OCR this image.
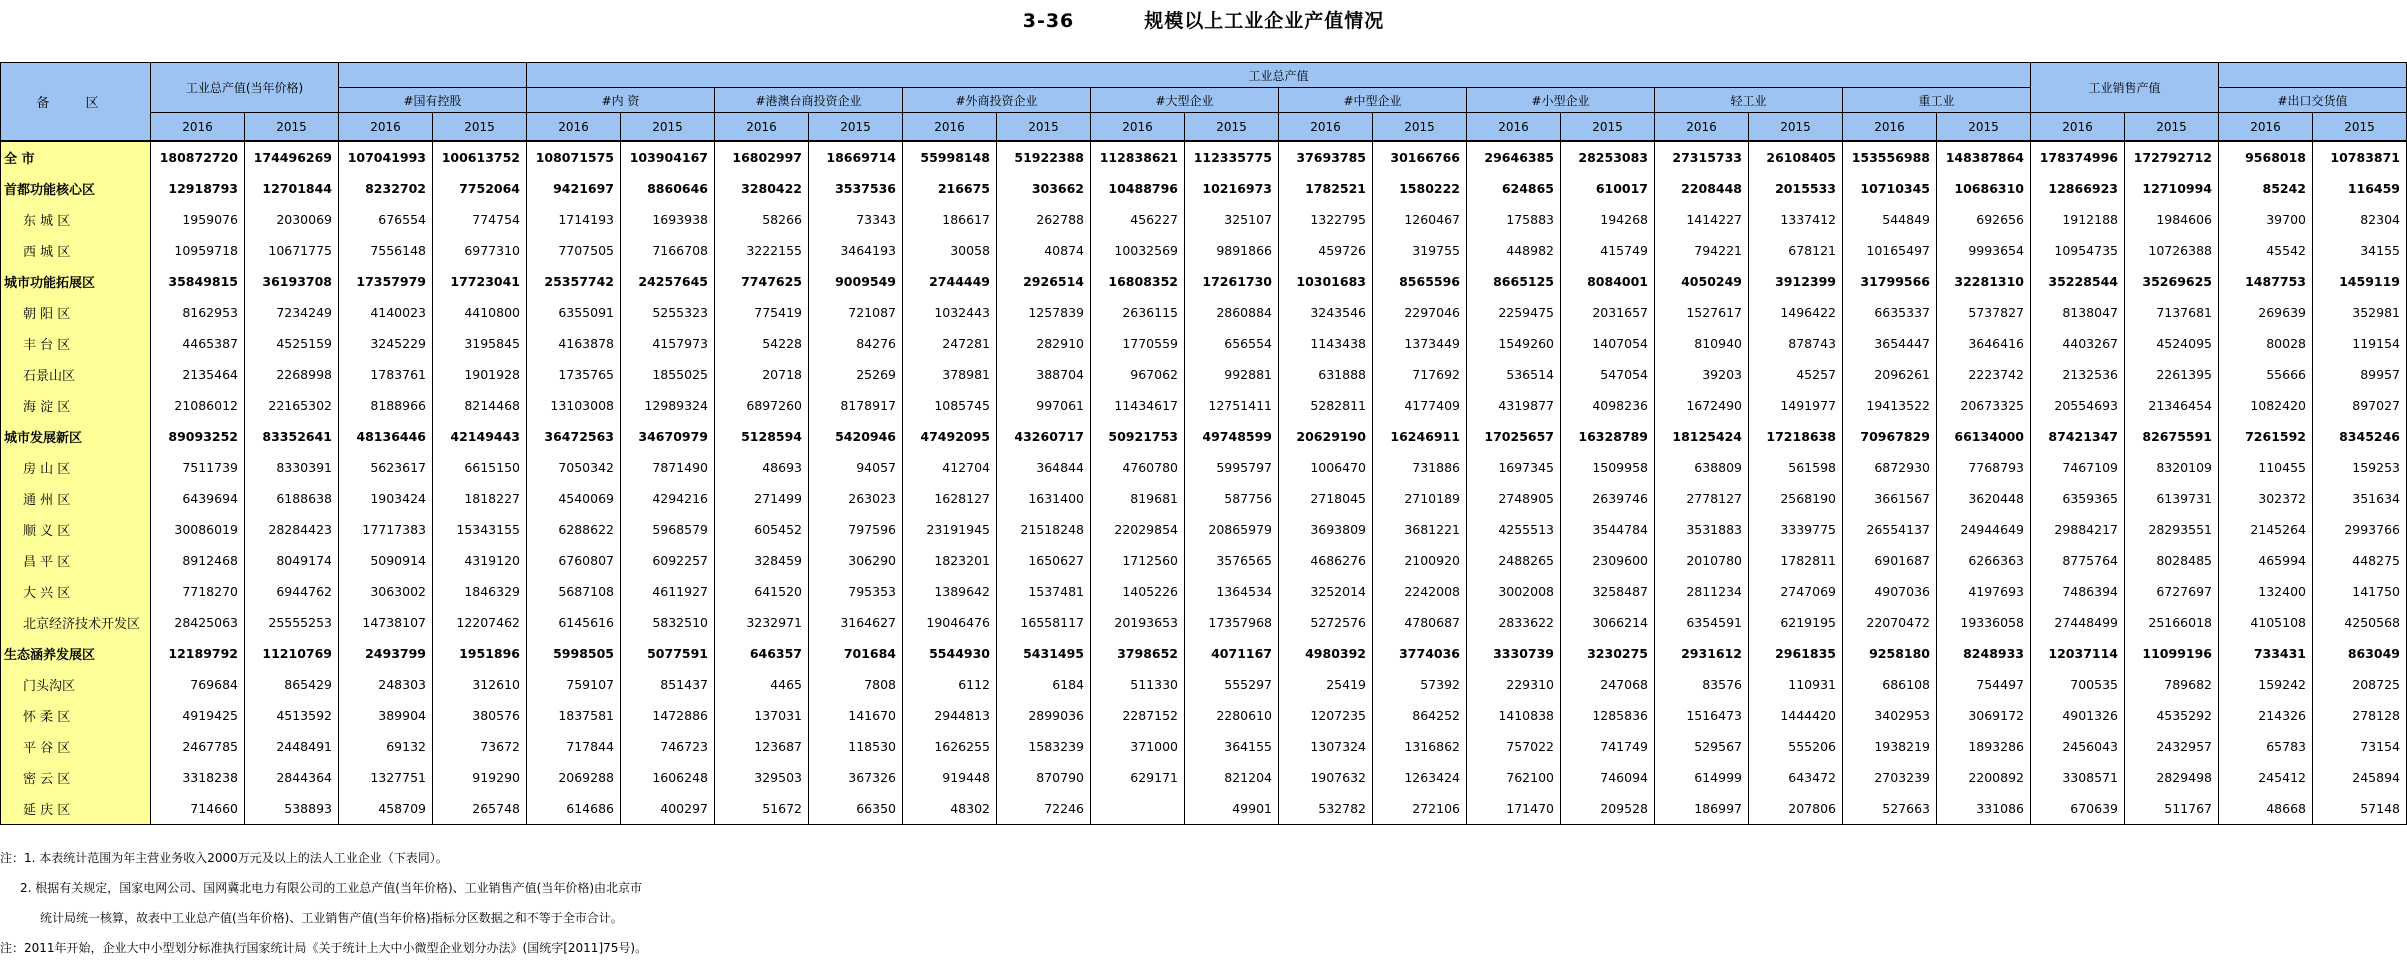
3-36	规模以上工业企业产值情况
备 区	工业总产值(当年价格)				工业总产值																工业销售产值			
			#国有控股		#内 资		#港澳台商投资企业		#外商投资企业		#大型企业		#中型企业		#小型企业		轻工业		重工业				#出口交货值	
	2016	2015	2016	2015	2016	2015	2016	2015	2016	2015	2016	2015	2016	2015	2016	2015	2016	2015	2016	2015	2016	2015	2016	2015
全 市	180872720	174496269	107041993	100613752	108071575	103904167	16802997	18669714	55998148	51922388	112838621	112335775	37693785	30166766	29646385	28253083	27315733	26108405	153556988	148387864	178374996	172792712	9568018	10783871
首都功能核心区	12918793	12701844	8232702	7752064	9421697	8860646	3280422	3537536	216675	303662	10488796	10216973	1782521	1580222	624865	610017	2208448	2015533	10710345	10686310	12866923	12710994	85242	116459
东 城 区	1959076	2030069	676554	774754	1714193	1693938	58266	73343	186617	262788	456227	325107	1322795	1260467	175883	194268	1414227	1337412	544849	692656	1912188	1984606	39700	82304
西 城 区	10959718	10671775	7556148	6977310	7707505	7166708	3222155	3464193	30058	40874	10032569	9891866	459726	319755	448982	415749	794221	678121	10165497	9993654	10954735	10726388	45542	34155
城市功能拓展区	35849815	36193708	17357979	17723041	25357742	24257645	7747625	9009549	2744449	2926514	16808352	17261730	10301683	8565596	8665125	8084001	4050249	3912399	31799566	32281310	35228544	35269625	1487753	1459119
朝 阳 区	8162953	7234249	4140023	4410800	6355091	5255323	775419	721087	1032443	1257839	2636115	2860884	3243546	2297046	2259475	2031657	1527617	1496422	6635337	5737827	8138047	7137681	269639	352981
丰 台 区	4465387	4525159	3245229	3195845	4163878	4157973	54228	84276	247281	282910	1770559	656554	1143438	1373449	1549260	1407054	810940	878743	3654447	3646416	4403267	4524095	80028	119154
石景山区	2135464	2268998	1783761	1901928	1735765	1855025	20718	25269	378981	388704	967062	992881	631888	717692	536514	547054	39203	45257	2096261	2223742	2132536	2261395	55666	89957
海 淀 区	21086012	22165302	8188966	8214468	13103008	12989324	6897260	8178917	1085745	997061	11434617	12751411	5282811	4177409	4319877	4098236	1672490	1491977	19413522	20673325	20554693	21346454	1082420	897027
城市发展新区	89093252	83352641	48136446	42149443	36472563	34670979	5128594	5420946	47492095	43260717	50921753	49748599	20629190	16246911	17025657	16328789	18125424	17218638	70967829	66134000	87421347	82675591	7261592	8345246
房 山 区	7511739	8330391	5623617	6615150	7050342	7871490	48693	94057	412704	364844	4760780	5995797	1006470	731886	1697345	1509958	638809	561598	6872930	7768793	7467109	8320109	110455	159253
通 州 区	6439694	6188638	1903424	1818227	4540069	4294216	271499	263023	1628127	1631400	819681	587756	2718045	2710189	2748905	2639746	2778127	2568190	3661567	3620448	6359365	6139731	302372	351634
顺 义 区	30086019	28284423	17717383	15343155	6288622	5968579	605452	797596	23191945	21518248	22029854	20865979	3693809	3681221	4255513	3544784	3531883	3339775	26554137	24944649	29884217	28293551	2145264	2993766
昌 平 区	8912468	8049174	5090914	4319120	6760807	6092257	328459	306290	1823201	1650627	1712560	3576565	4686276	2100920	2488265	2309600	2010780	1782811	6901687	6266363	8775764	8028485	465994	448275
大 兴 区	7718270	6944762	3063002	1846329	5687108	4611927	641520	795353	1389642	1537481	1405226	1364534	3252014	2242008	3002008	3258487	2811234	2747069	4907036	4197693	7486394	6727697	132400	141750
北京经济技术开发区	28425063	25555253	14738107	12207462	6145616	5832510	3232971	3164627	19046476	16558117	20193653	17357968	5272576	4780687	2833622	3066214	6354591	6219195	22070472	19336058	27448499	25166018	4105108	4250568
生态涵养发展区	12189792	11210769	2493799	1951896	5998505	5077591	646357	701684	5544930	5431495	3798652	4071167	4980392	3774036	3330739	3230275	2931612	2961835	9258180	8248933	12037114	11099196	733431	863049
门头沟区	769684	865429	248303	312610	759107	851437	4465	7808	6112	6184	511330	555297	25419	57392	229310	247068	83576	110931	686108	754497	700535	789682	159242	208725
怀 柔 区	4919425	4513592	389904	380576	1837581	1472886	137031	141670	2944813	2899036	2287152	2280610	1207235	864252	1410838	1285836	1516473	1444420	3402953	3069172	4901326	4535292	214326	278128
平 谷 区	2467785	2448491	69132	73672	717844	746723	123687	118530	1626255	1583239	371000	364155	1307324	1316862	757022	741749	529567	555206	1938219	1893286	2456043	2432957	65783	73154
密 云 区	3318238	2844364	1327751	919290	2069288	1606248	329503	367326	919448	870790	629171	821204	1907632	1263424	762100	746094	614999	643472	2703239	2200892	3308571	2829498	245412	245894
延 庆 区	714660	538893	458709	265748	614686	400297	51672	66350	48302	72246		49901	532782	272106	171470	209528	186997	207806	527663	331086	670639	511767	48668	57148
注：1. 本表统计范围为年主营业务收入2000万元及以上的法人工业企业（下表同）。
2. 根据有关规定，国家电网公司、国网冀北电力有限公司的工业总产值(当年价格)、工业销售产值(当年价格)由北京市
统计局统一核算，故表中工业总产值(当年价格)、工业销售产值(当年价格)指标分区数据之和不等于全市合计。
注：2011年开始，企业大中小型划分标准执行国家统计局《关于统计上大中小微型企业划分办法》(国统字[2011]75号)。
